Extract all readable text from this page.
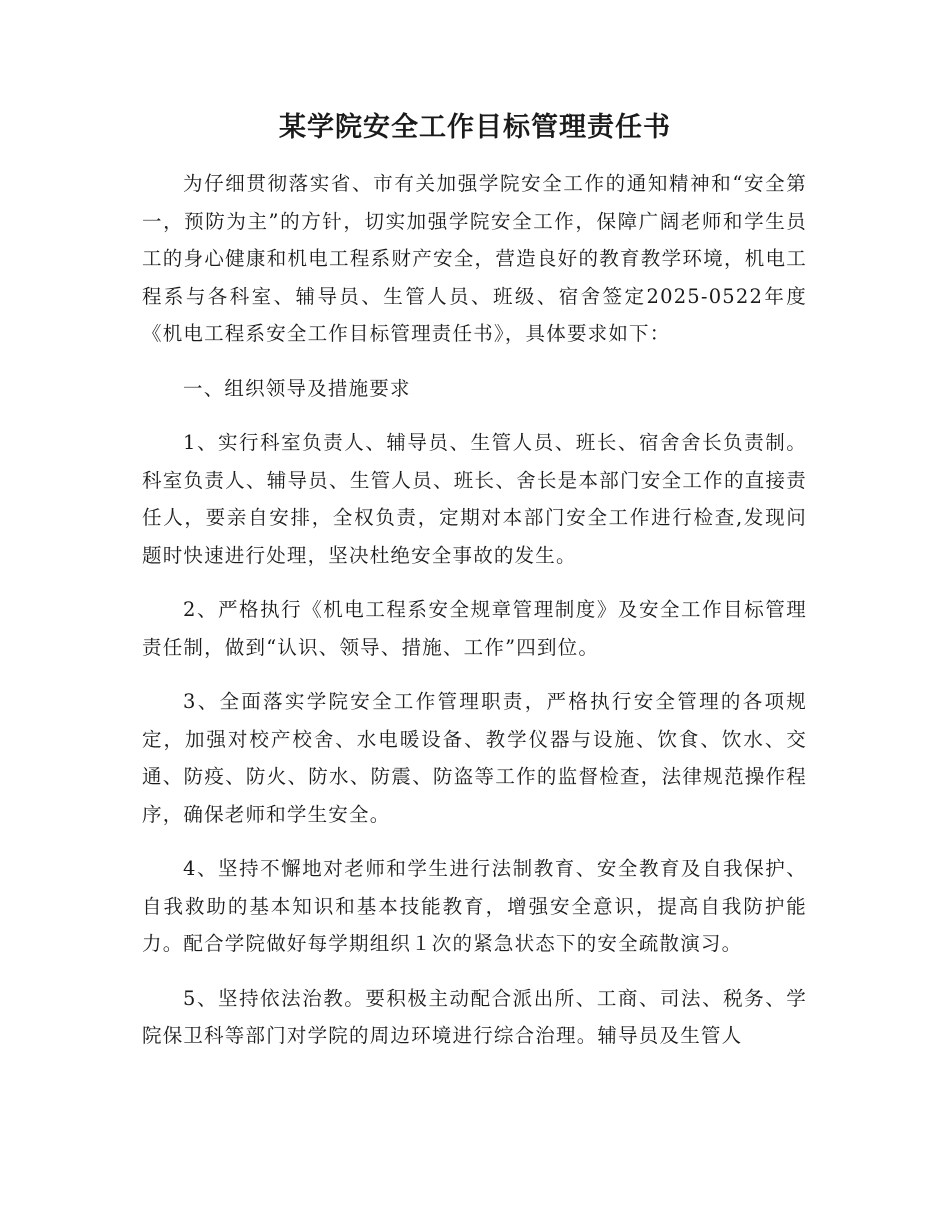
某学院安全工作目标管理责任书

为仔细贯彻落实省、市有关加强学院安全工作的通知精神和“安全第一，预防为主”的方针，切实加强学院安全工作，保障广阔老师和学生员工的身心健康和机电工程系财产安全，营造良好的教育教学环境，机电工程系与各科室、辅导员、生管人员、班级、宿舍签定2025-0522年度《机电工程系安全工作目标管理责任书》，具体要求如下：

一、组织领导及措施要求

1、实行科室负责人、辅导员、生管人员、班长、宿舍舍长负责制。科室负责人、辅导员、生管人员、班长、舍长是本部门安全工作的直接责任人，要亲自安排，全权负责，定期对本部门安全工作进行检查,发现问题时快速进行处理，坚决杜绝安全事故的发生。

2、严格执行《机电工程系安全规章管理制度》及安全工作目标管理责任制，做到“认识、领导、措施、工作”四到位。

3、全面落实学院安全工作管理职责，严格执行安全管理的各项规定，加强对校产校舍、水电暖设备、教学仪器与设施、饮食、饮水、交通、防疫、防火、防水、防震、防盗等工作的监督检查，法律规范操作程序，确保老师和学生安全。

4、坚持不懈地对老师和学生进行法制教育、安全教育及自我保护、自我救助的基本知识和基本技能教育，增强安全意识，提高自我防护能力。配合学院做好每学期组织１次的紧急状态下的安全疏散演习。

5、坚持依法治教。要积极主动配合派出所、工商、司法、税务、学院保卫科等部门对学院的周边环境进行综合治理。辅导员及生管人
